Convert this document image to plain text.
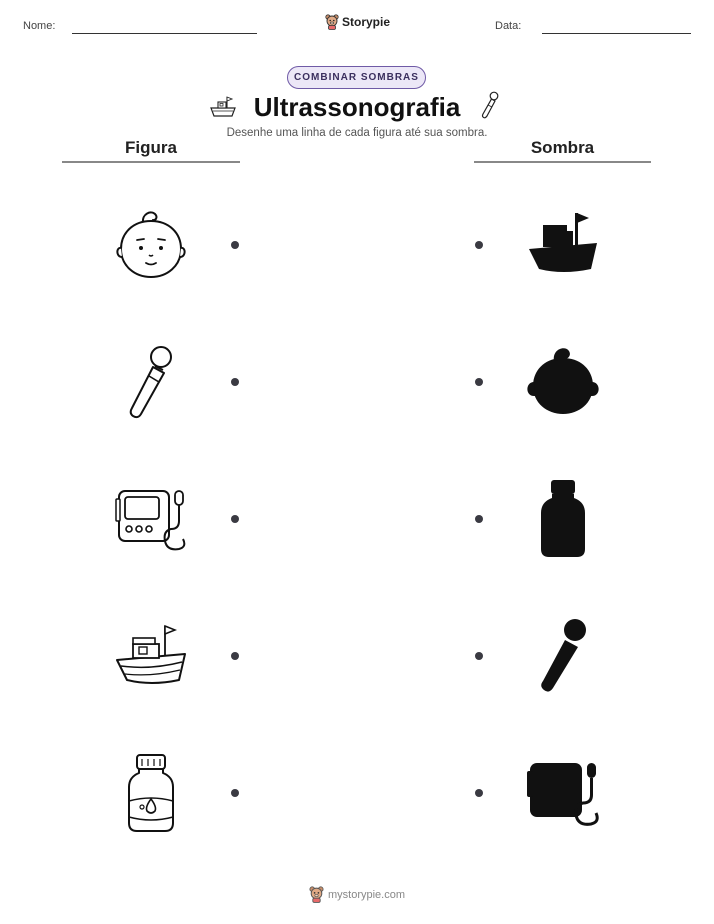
Nome:	Data:
Storypie
COMBINAR SOMBRAS
Ultrassonografia
Desenhe uma linha de cada figura até sua sombra.
Figura	Sombra
mystorypie.com
